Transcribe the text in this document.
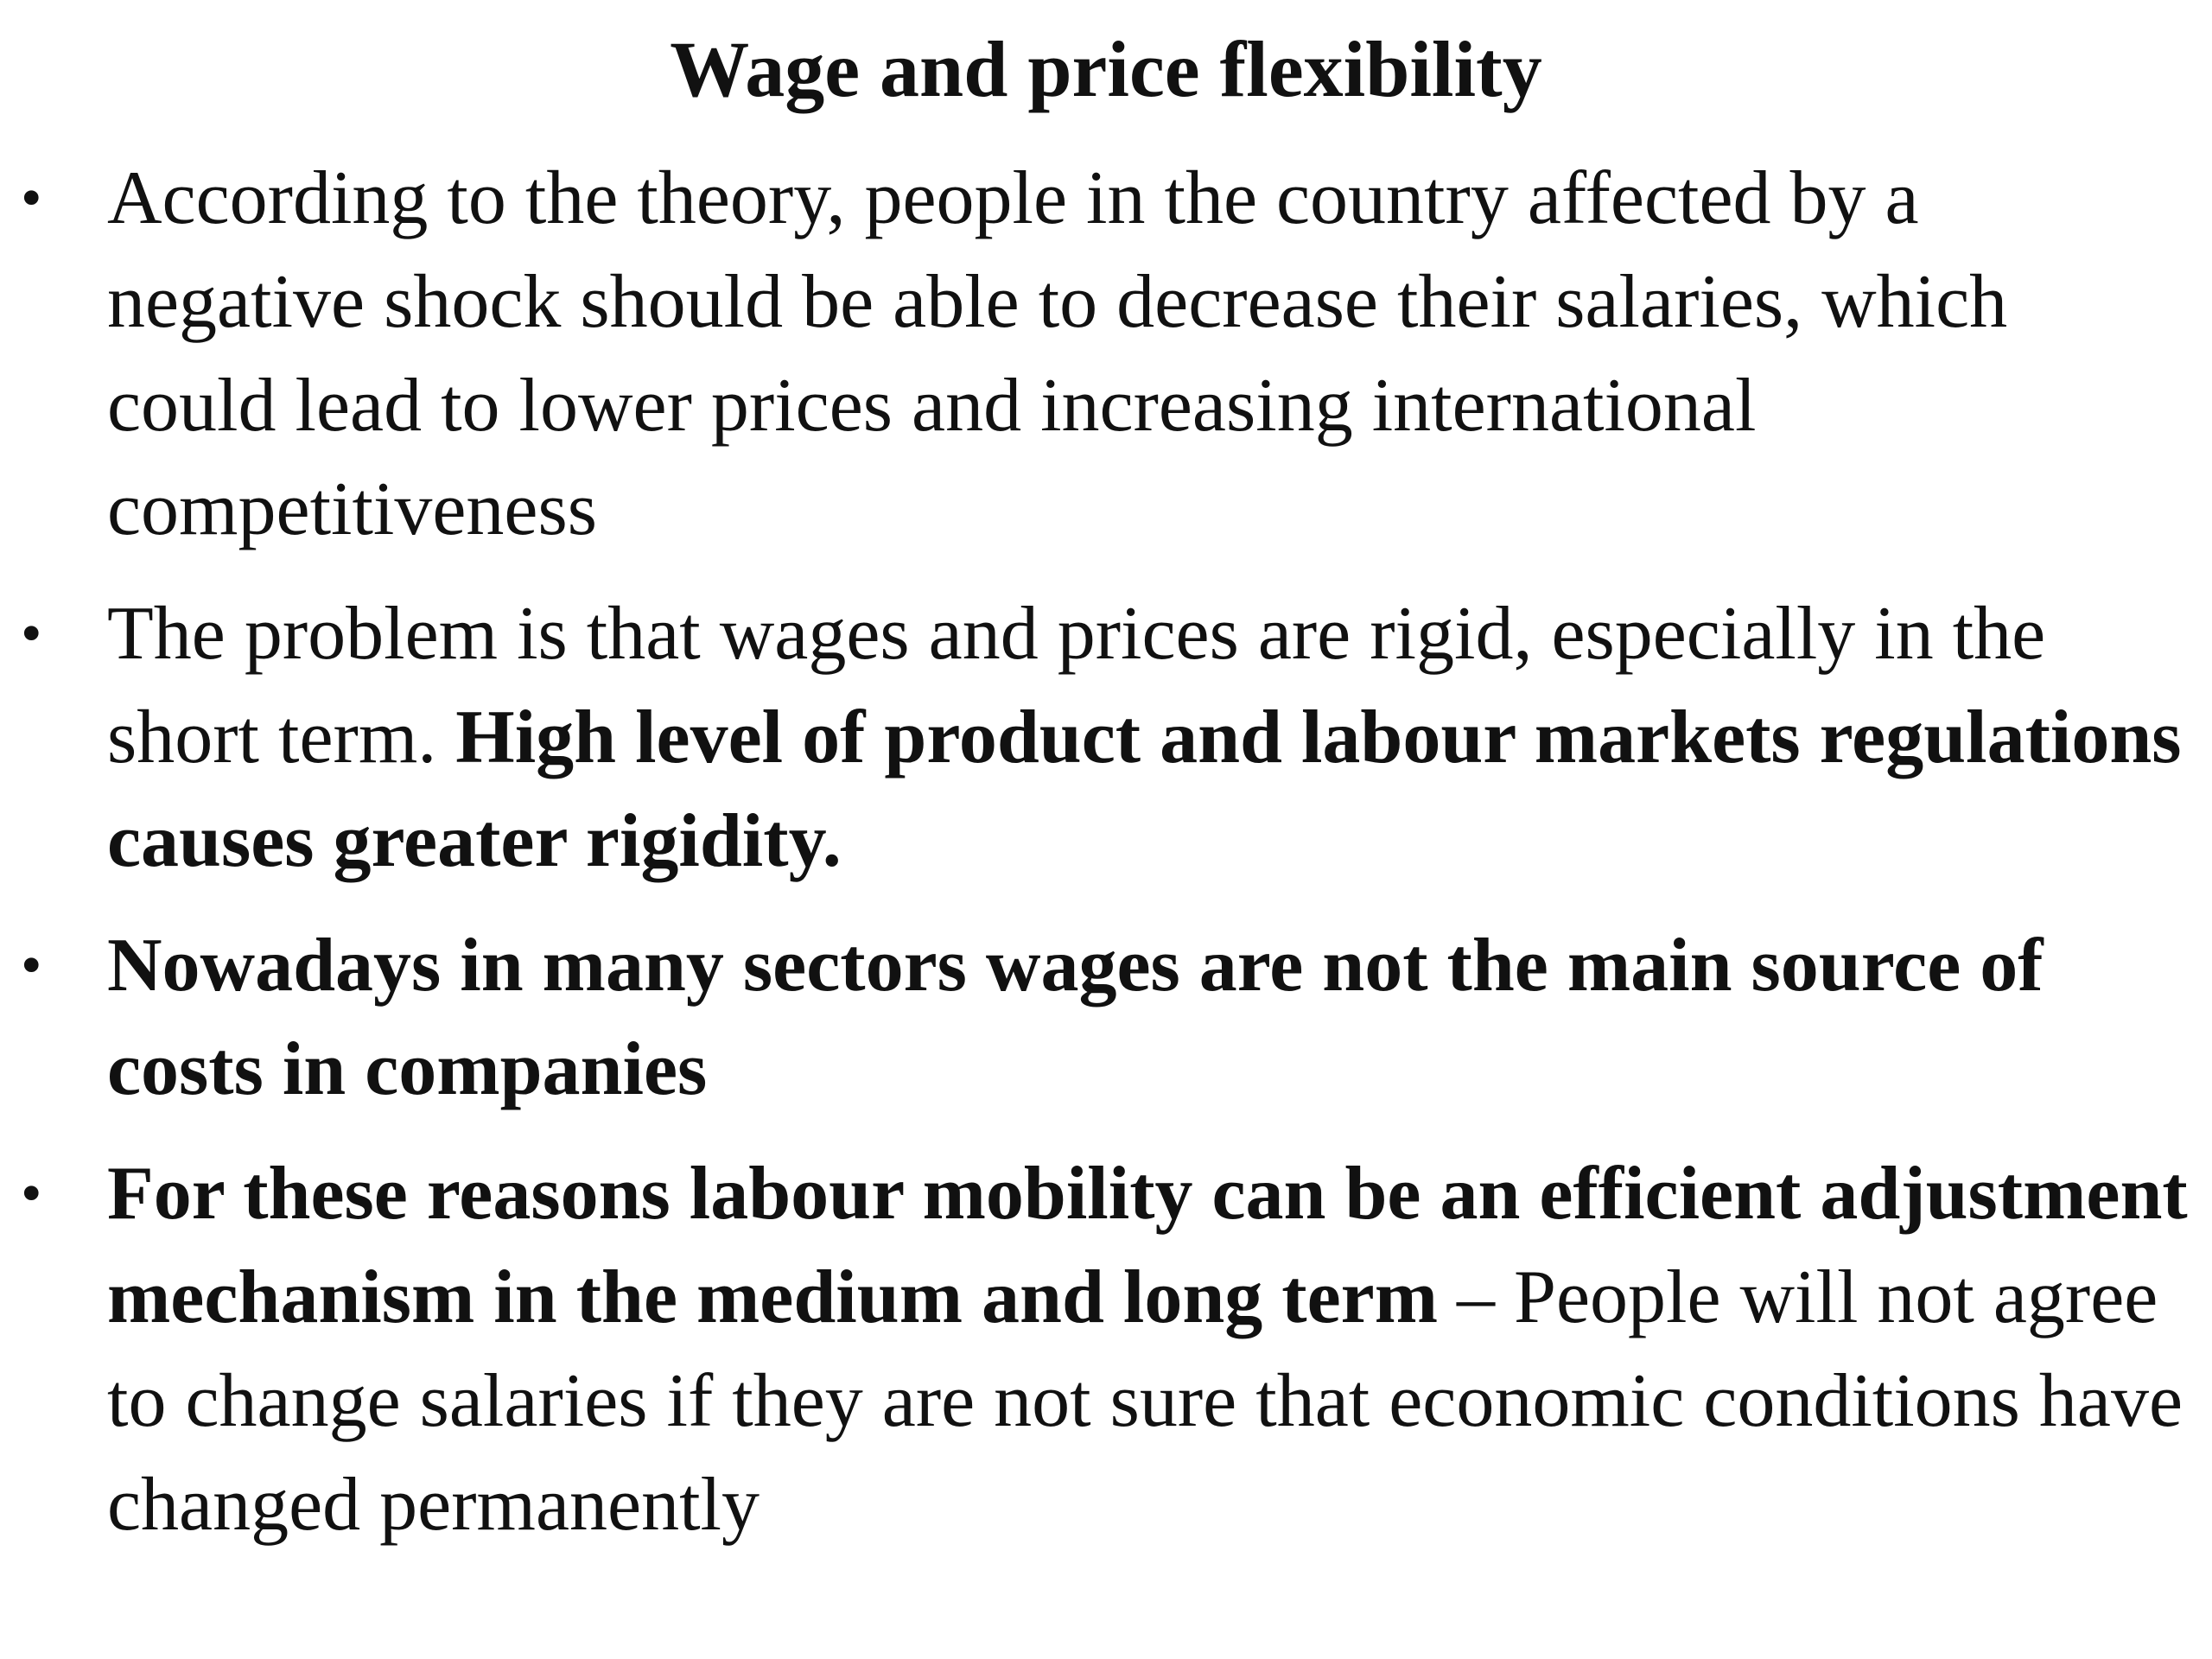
Wage and price flexibility
• According to the theory, people in the country affected by a negative shock should be able to decrease their salaries, which could lead to lower prices and increasing international competitiveness
• The problem is that wages and prices are rigid, especially in the short term. High level of product and labour markets regulations causes greater rigidity.
• Nowadays in many sectors wages are not the main source of costs in companies
• For these reasons labour mobility can be an efficient adjustment mechanism in the medium and long term – People will not agree to change salaries if they are not sure that economic conditions have changed permanently
